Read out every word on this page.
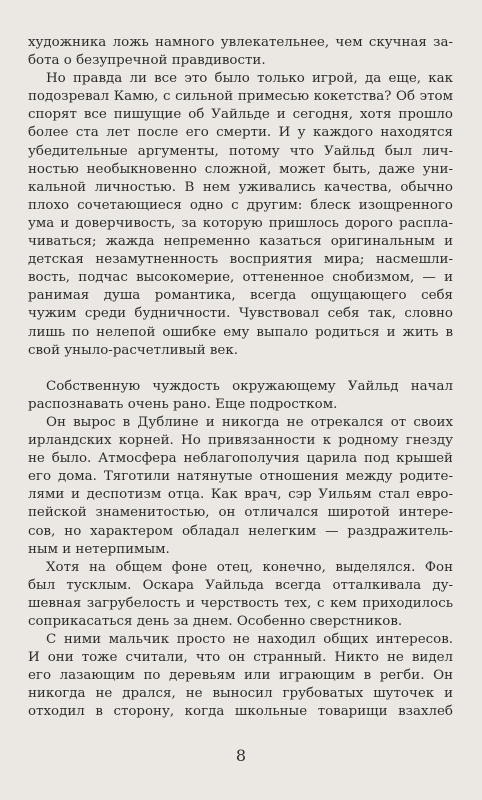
художника ложь намного увлекательнее, чем скучная за-
бота о безупречной правдивости.
Но правда ли все это было только игрой, да еще, как
подозревал Камю, с сильной примесью кокетства? Об этом
спорят все пишущие об Уайльде и сегодня, хотя прошло
более ста лет после его смерти. И у каждого находятся
убедительные аргументы, потому что Уайльд был лич-
ностью необыкновенно сложной, может быть, даже уни-
кальной личностью. В нем уживались качества, обычно
плохо сочетающиеся одно с другим: блеск изощренного
ума и доверчивость, за которую пришлось дорого распла-
чиваться; жажда непременно казаться оригинальным и
детская незамутненность восприятия мира; насмешли-
вость, подчас высокомерие, оттененное снобизмом, — и
ранимая душа романтика, всегда ощущающего себя
чужим среди будничности. Чувствовал себя так, словно
лишь по нелепой ошибке ему выпало родиться и жить в
свой уныло-расчетливый век.
Собственную чуждость окружающему Уайльд начал
распознавать очень рано. Еще подростком.
Он вырос в Дублине и никогда не отрекался от своих
ирландских корней. Но привязанности к родному гнезду
не было. Атмосфера неблагополучия царила под крышей
его дома. Тяготили натянутые отношения между родите-
лями и деспотизм отца. Как врач, сэр Уильям стал евро-
пейской знаменитостью, он отличался широтой интере-
сов, но характером обладал нелегким — раздражитель-
ным и нетерпимым.
Хотя на общем фоне отец, конечно, выделялся. Фон
был тусклым. Оскара Уайльда всегда отталкивала ду-
шевная загрубелость и черствость тех, с кем приходилось
соприкасаться день за днем. Особенно сверстников.
С ними мальчик просто не находил общих интересов.
И они тоже считали, что он странный. Никто не видел
его лазающим по деревьям или играющим в регби. Он
никогда не дрался, не выносил грубоватых шуточек и
отходил в сторону, когда школьные товарищи взахлеб
8
